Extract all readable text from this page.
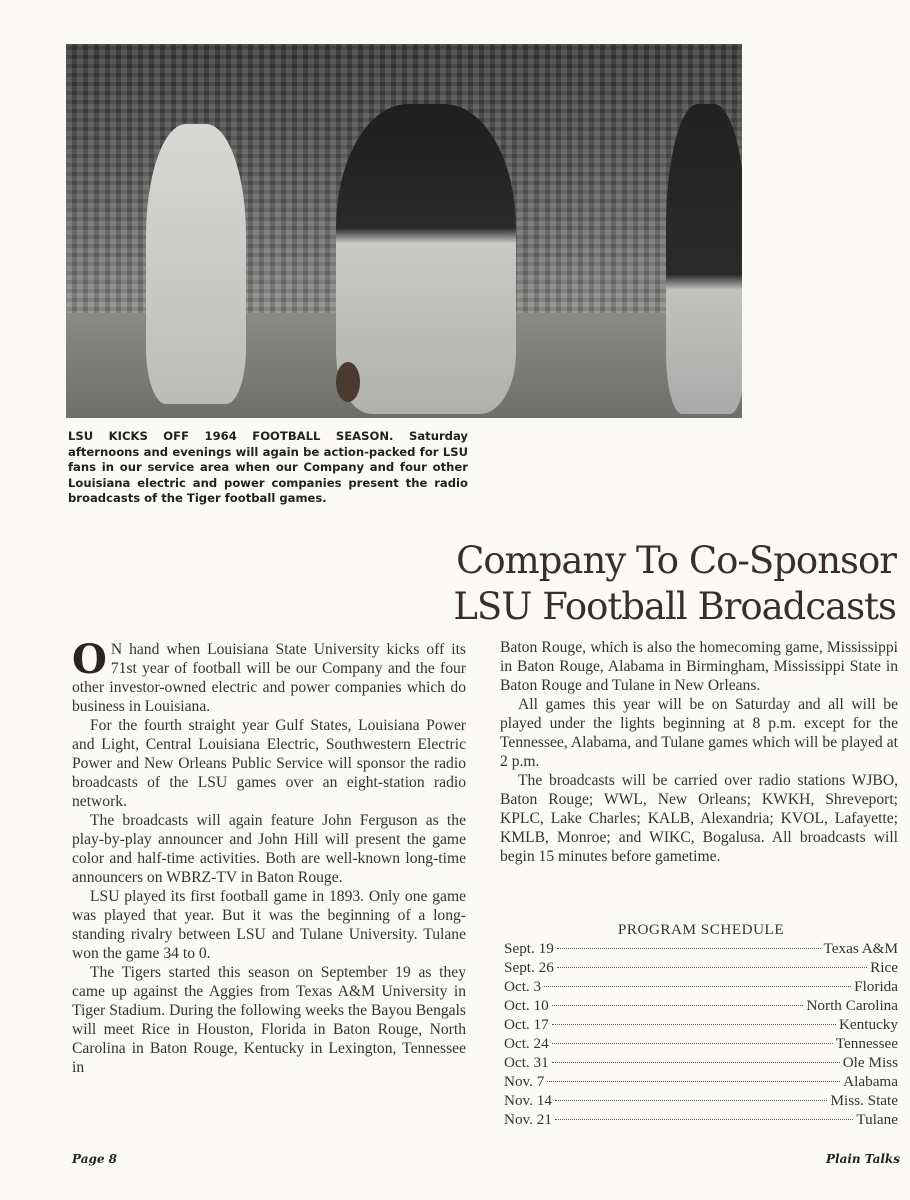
LSU KICKS OFF 1964 FOOTBALL SEASON. Saturday afternoons and evenings will again be action-packed for LSU fans in our service area when our Company and four other Louisiana electric and power companies present the radio broadcasts of the Tiger football games.
Company To Co-Sponsor
LSU Football Broadcasts

O N hand when Louisiana State University kicks off its 71st year of football will be our Company and the four other investor-owned electric and power companies which do business in Louisiana.

For the fourth straight year Gulf States, Louisiana Power and Light, Central Louisiana Electric, Southwestern Electric Power and New Orleans Public Service will sponsor the radio broadcasts of the LSU games over an eight-station radio network.

The broadcasts will again feature John Ferguson as the play-by-play announcer and John Hill will present the game color and half-time activities. Both are well-known long-time announcers on WBRZ-TV in Baton Rouge.

LSU played its first football game in 1893. Only one game was played that year. But it was the beginning of a long-standing rivalry between LSU and Tulane University. Tulane won the game 34 to 0.

The Tigers started this season on September 19 as they came up against the Aggies from Texas A&M University in Tiger Stadium. During the following weeks the Bayou Bengals will meet Rice in Houston, Florida in Baton Rouge, North Carolina in Baton Rouge, Kentucky in Lexington, Tennessee in

Baton Rouge, which is also the homecoming game, Mississippi in Baton Rouge, Alabama in Birmingham, Mississippi State in Baton Rouge and Tulane in New Orleans.

All games this year will be on Saturday and all will be played under the lights beginning at 8 p.m. except for the Tennessee, Alabama, and Tulane games which will be played at 2 p.m.

The broadcasts will be carried over radio stations WJBO, Baton Rouge; WWL, New Orleans; KWKH, Shreveport; KPLC, Lake Charles; KALB, Alexandria; KVOL, Lafayette; KMLB, Monroe; and WIKC, Bogalusa. All broadcasts will begin 15 minutes before gametime.

PROGRAM SCHEDULE
Sept. 19	Texas A&M
Sept. 26	Rice
Oct. 3	Florida
Oct. 10	North Carolina
Oct. 17	Kentucky
Oct. 24	Tennessee
Oct. 31	Ole Miss
Nov. 7	Alabama
Nov. 14	Miss. State
Nov. 21	Tulane
Page 8	Plain Talks
